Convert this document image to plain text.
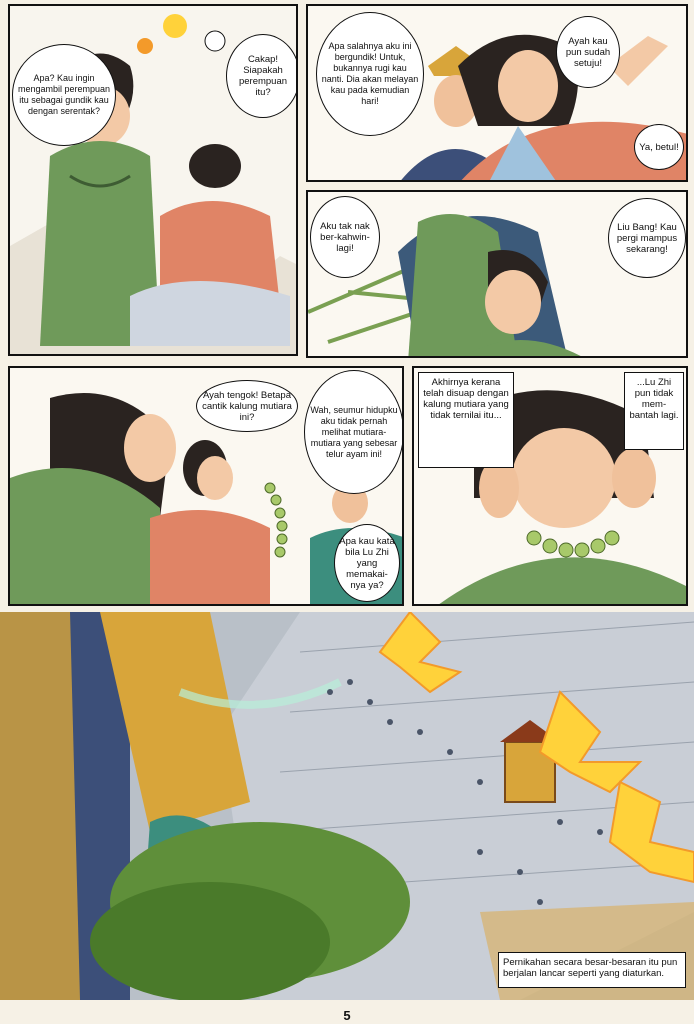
Apa? Kau ingin mengambil perempuan itu sebagai gundik kau dengan serentak?
Cakap! Siapakah perempuan itu?
Apa salahnya aku ini bergundik! Untuk, bukannya rugi kau nanti. Dia akan melayan kau pada kemudian hari!
Ayah kau pun sudah setuju!
Ya, betul!
Aku tak nak ber-kahwin-lagi!
Liu Bang! Kau pergi mampus sekarang!
Ayah tengok! Betapa cantik kalung mutiara ini?
Wah, seumur hidupku aku tidak pernah melihat mutiara-mutiara yang sebesar telur ayam ini!
Apa kau kata bila Lu Zhi yang memakai-nya ya?
Akhirnya kerana telah disuap dengan kalung mutiara yang tidak ternilai itu...
...Lu Zhi pun tidak mem-bantah lagi.
Pernikahan secara besar-besaran itu pun berjalan lancar seperti yang diaturkan.
5
